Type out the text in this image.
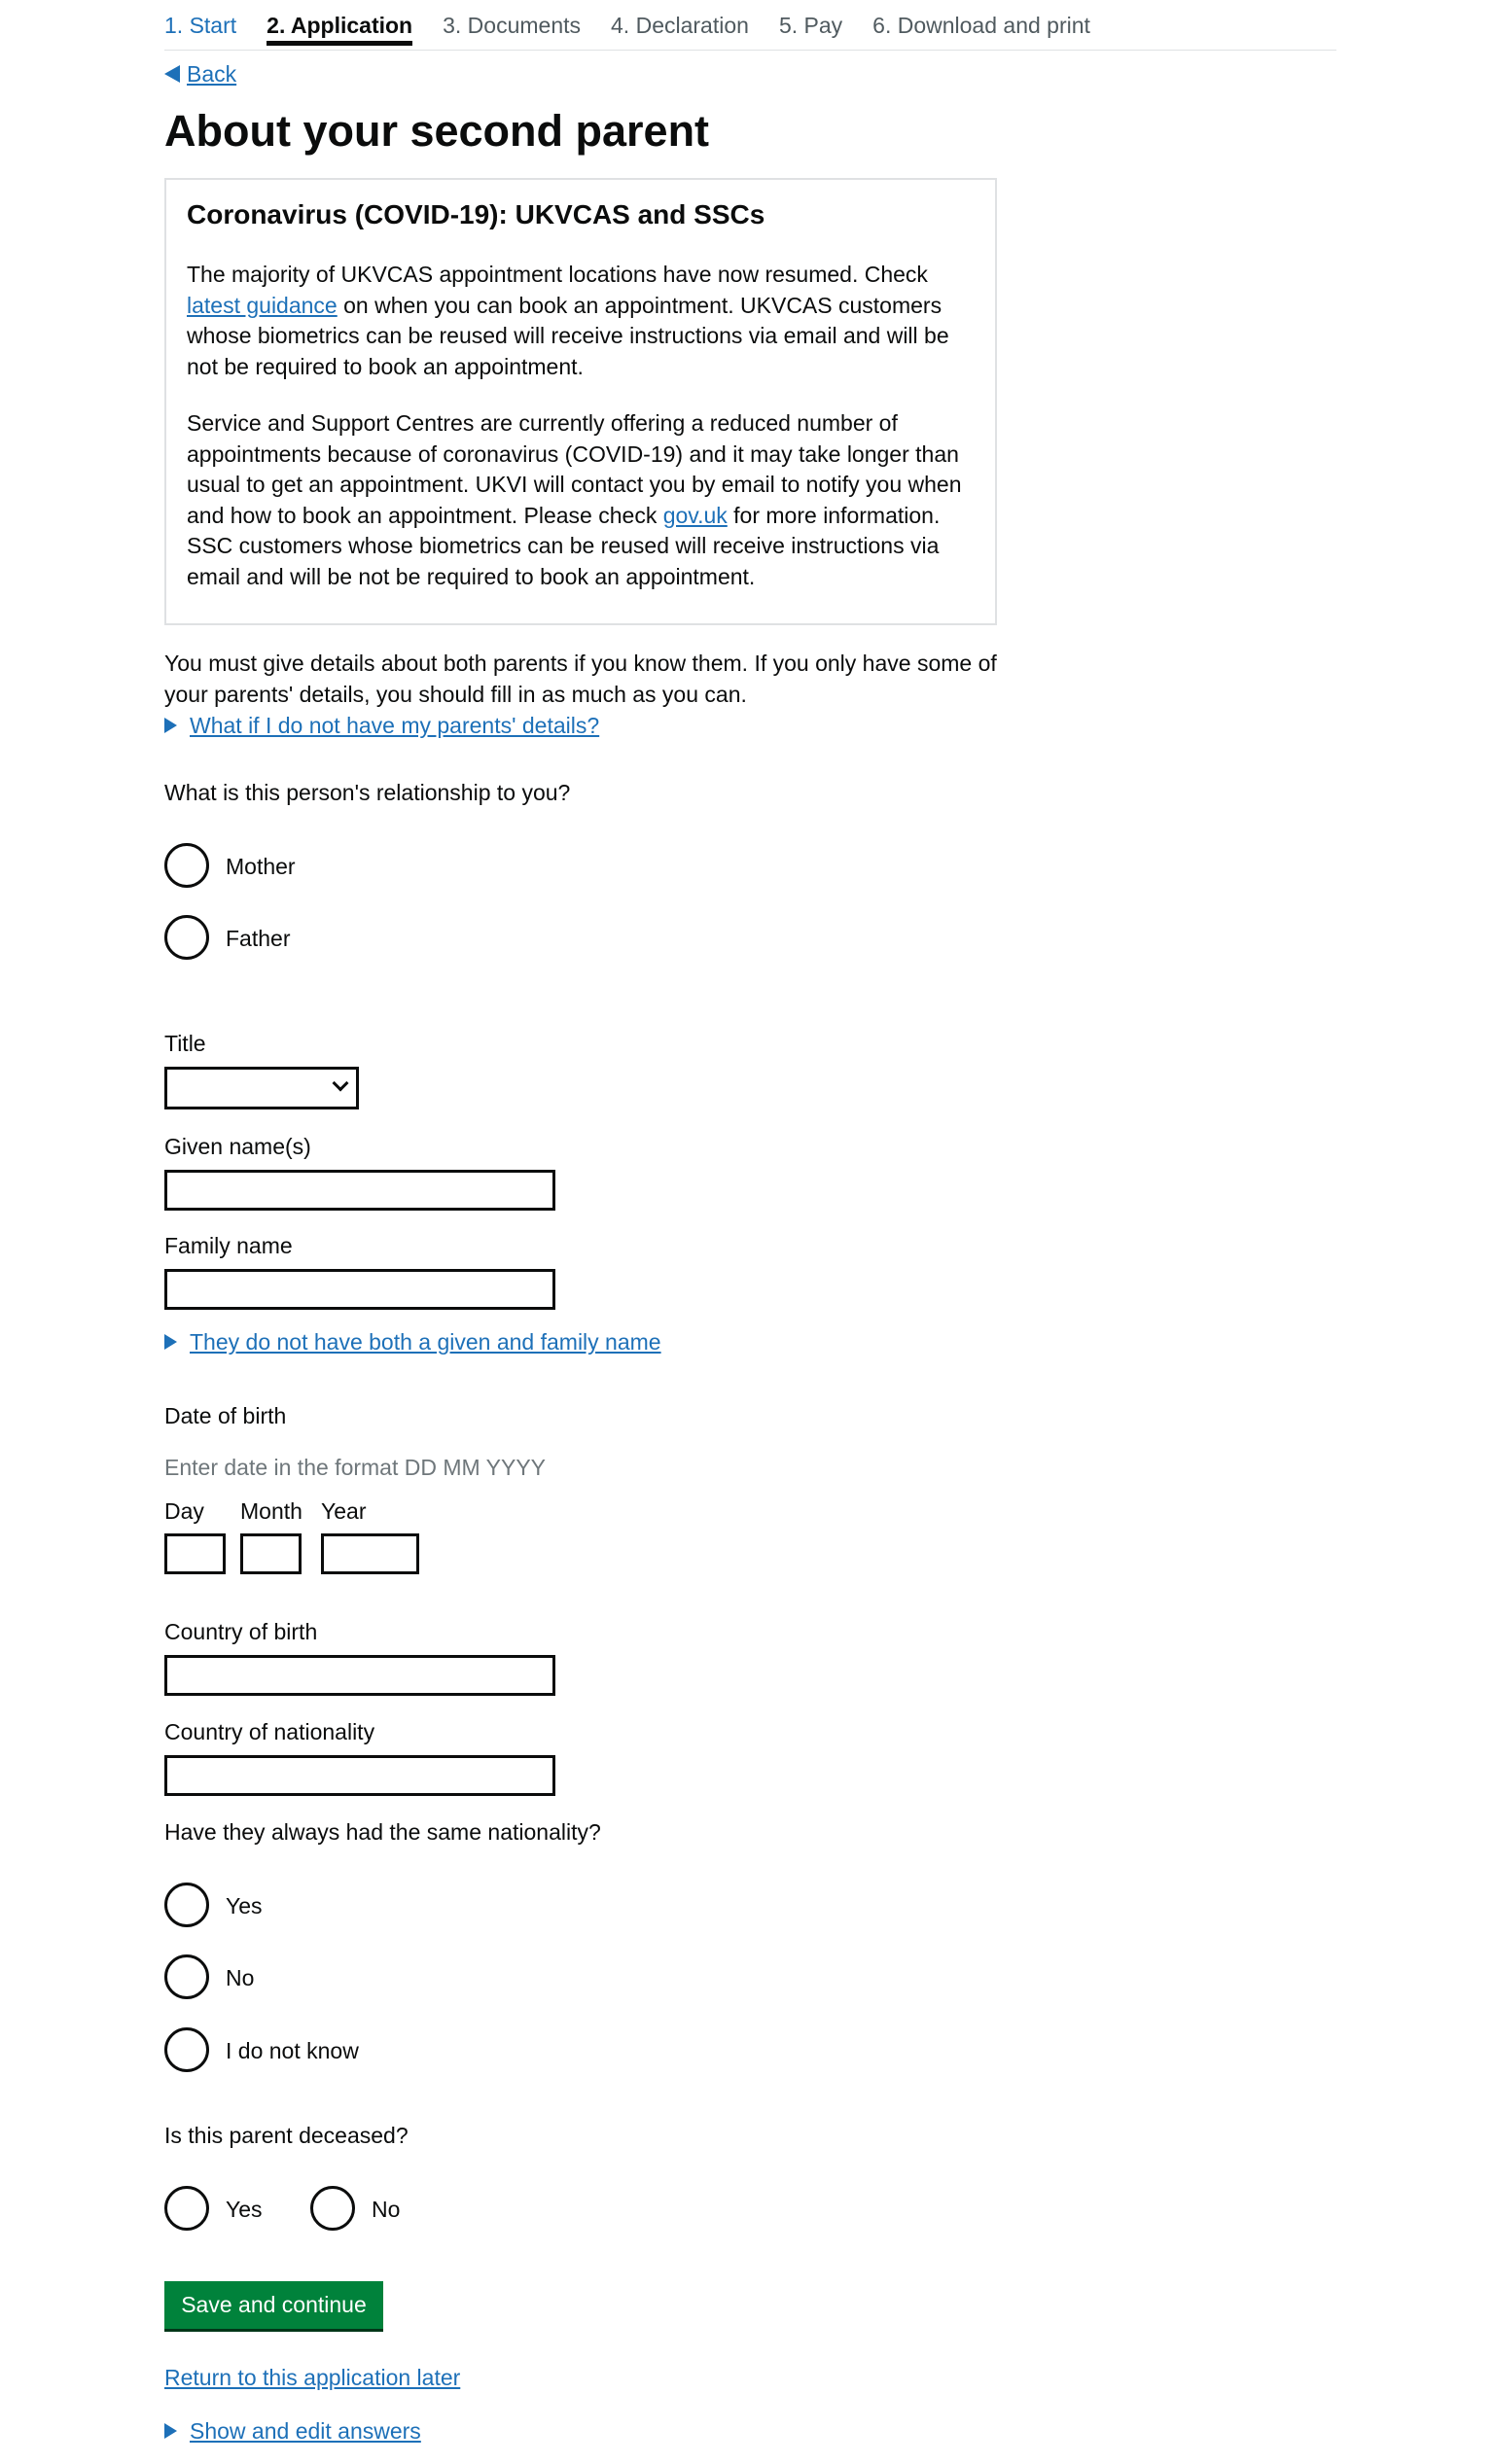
1. Start 2. Application 3. Documents 4. Declaration 5. Pay 6. Download and print
Back
About your second parent
Coronavirus (COVID-19): UKVCAS and SSCs

The majority of UKVCAS appointment locations have now resumed. Check latest guidance on when you can book an appointment. UKVCAS customers whose biometrics can be reused will receive instructions via email and will be not be required to book an appointment.

Service and Support Centres are currently offering a reduced number of appointments because of coronavirus (COVID-19) and it may take longer than usual to get an appointment. UKVI will contact you by email to notify you when and how to book an appointment. Please check gov.uk for more information. SSC customers whose biometrics can be reused will receive instructions via email and will be not be required to book an appointment.

You must give details about both parents if you know them. If you only have some of your parents' details, you should fill in as much as you can.
What if I do not have my parents' details?
What is this person's relationship to you?
Mother
Father
Title
Given name(s)
Family name
They do not have both a given and family name
Date of birth
Enter date in the format DD MM YYYY
Day Month Year
Country of birth
Country of nationality
Have they always had the same nationality?
Yes
No
I do not know
Is this parent deceased?
Yes	No
Save and continue
Return to this application later
Show and edit answers
